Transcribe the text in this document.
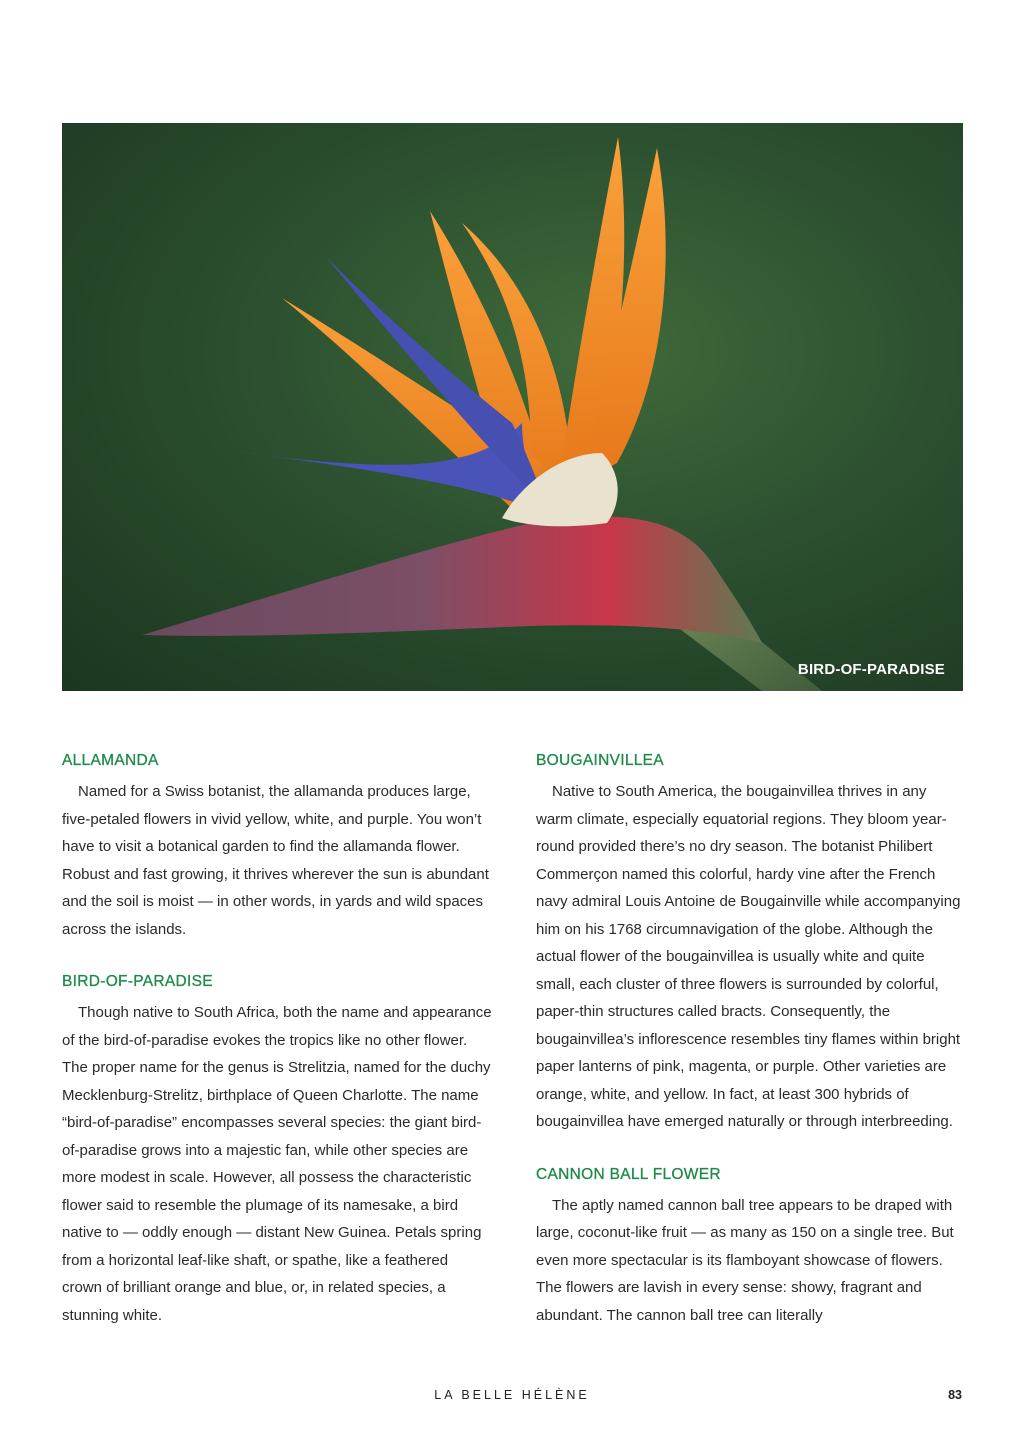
BIRD-OF-PARADISE
ALLAMANDA

Named for a Swiss botanist, the allamanda produces large, five-petaled flowers in vivid yellow, white, and purple. You won’t have to visit a botanical garden to find the allamanda flower. Robust and fast growing, it thrives wherever the sun is abundant and the soil is moist — in other words, in yards and wild spaces across the islands.

BIRD-OF-PARADISE

Though native to South Africa, both the name and appearance of the bird-of-paradise evokes the tropics like no other flower. The proper name for the genus is Strelitzia, named for the duchy Mecklenburg-Strelitz, birthplace of Queen Charlotte. The name “bird-of-paradise” encompasses several species: the giant bird-of-paradise grows into a majestic fan, while other species are more modest in scale. However, all possess the characteristic flower said to resemble the plumage of its namesake, a bird native to — oddly enough — distant New Guinea. Petals spring from a horizontal leaf-like shaft, or spathe, like a feathered crown of brilliant orange and blue, or, in related species, a stunning white.

BOUGAINVILLEA

Native to South America, the bougainvillea thrives in any warm climate, especially equatorial regions. They bloom year-round provided there’s no dry season. The botanist Philibert Commerçon named this colorful, hardy vine after the French navy admiral Louis Antoine de Bougainville while accompanying him on his 1768 circumnavigation of the globe. Although the actual flower of the bougainvillea is usually white and quite small, each cluster of three flowers is surrounded by colorful, paper-thin structures called bracts. Consequently, the bougainvillea’s inflorescence resembles tiny flames within bright paper lanterns of pink, magenta, or purple. Other varieties are orange, white, and yellow. In fact, at least 300 hybrids of bougainvillea have emerged naturally or through interbreeding.

CANNON BALL FLOWER

The aptly named cannon ball tree appears to be draped with large, coconut-like fruit — as many as 150 on a single tree. But even more spectacular is its flamboyant showcase of flowers. The flowers are lavish in every sense: showy, fragrant and abundant. The cannon ball tree can literally

LA BELLE HÉLÈNE	83
